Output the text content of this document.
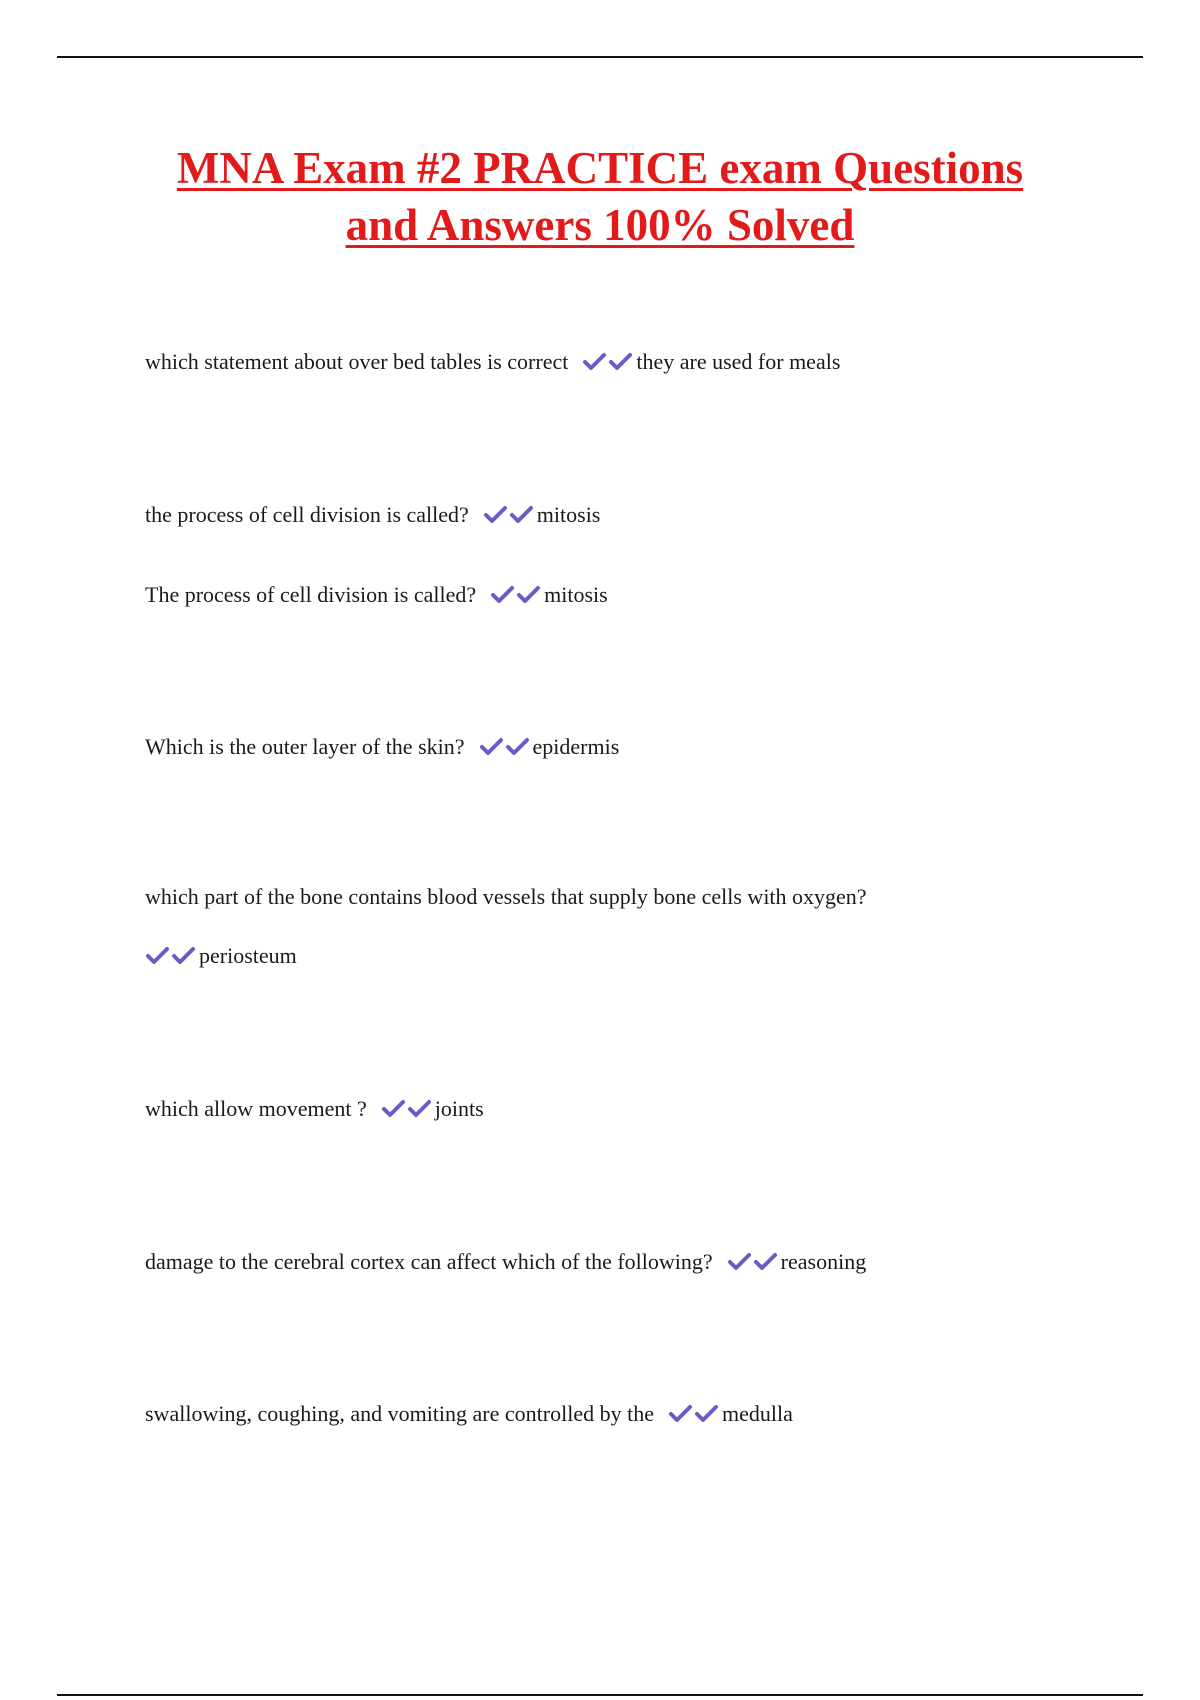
MNA Exam #2 PRACTICE exam Questions
and Answers 100% Solved
which statement about over bed tables is correct	they are used for meals
the process of cell division is called?	mitosis
The process of cell division is called?	mitosis
Which is the outer layer of the skin?	epidermis
which part of the bone contains blood vessels that supply bone cells with oxygen?
periosteum
which allow movement ?	joints
damage to the cerebral cortex can affect which of the following?	reasoning
swallowing, coughing, and vomiting are controlled by the	medulla
